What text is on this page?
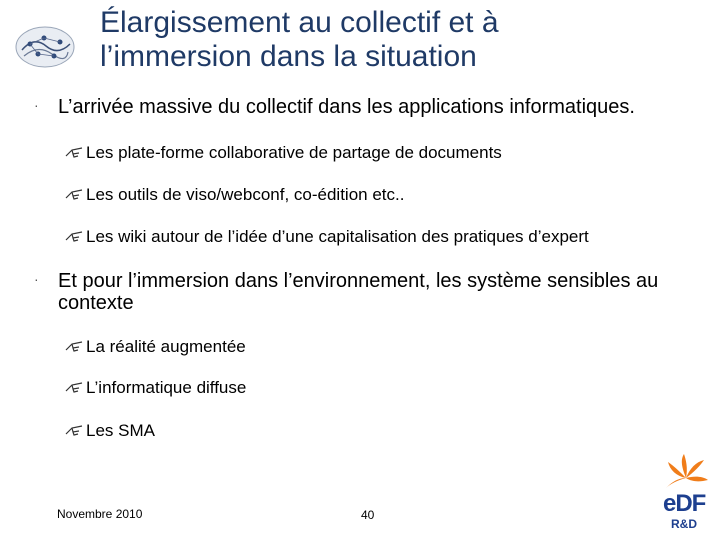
Élargissement au collectif et à
l’immersion dans la situation
· L’arrivée massive du collectif dans les applications informatiques.
Les plate-forme collaborative de partage de documents
Les outils de viso/webconf, co-édition etc..
Les wiki autour de l’idée d’une capitalisation des pratiques d’expert
· Et pour l’immersion dans l’environnement, les système sensibles au
contexte
La réalité augmentée
L’informatique diffuse
Les SMA
Novembre 2010	40	eDF
R&D
